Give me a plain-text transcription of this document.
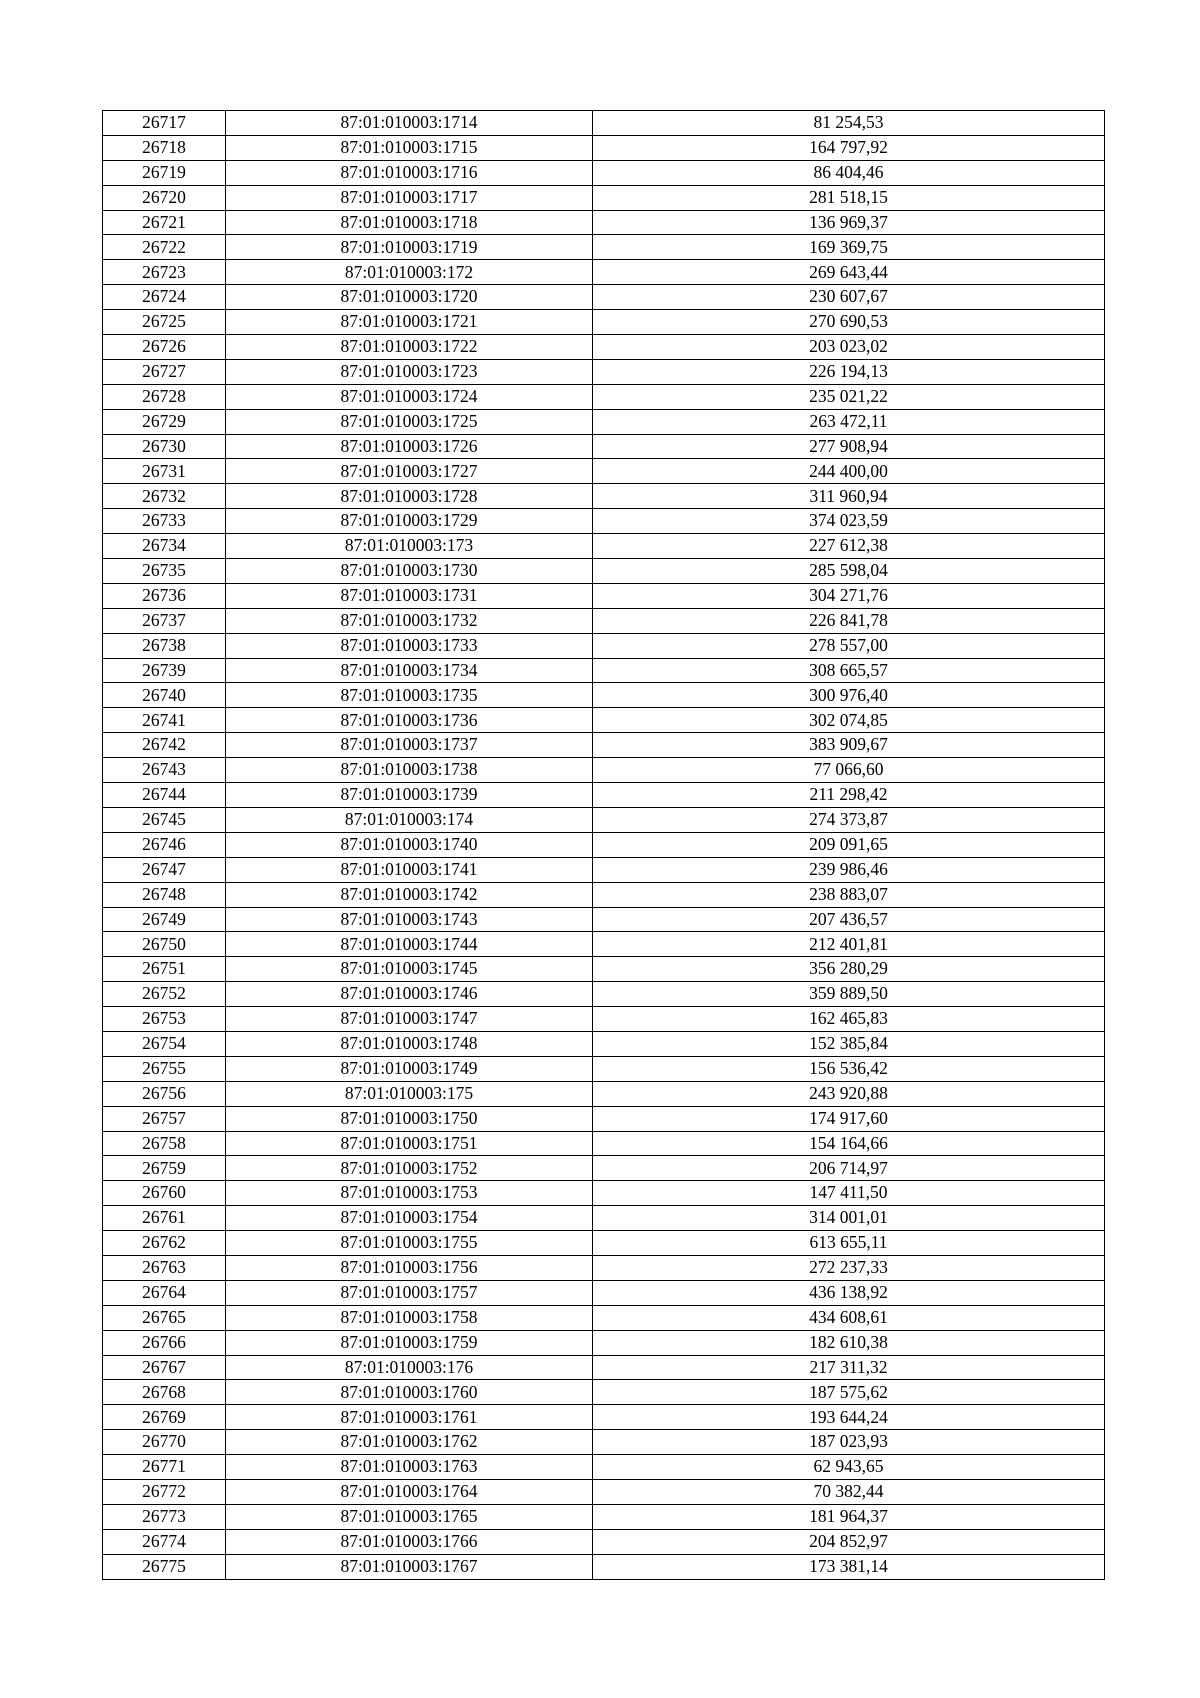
26717	87:01:010003:1714	81 254,53
26718	87:01:010003:1715	164 797,92
26719	87:01:010003:1716	86 404,46
26720	87:01:010003:1717	281 518,15
26721	87:01:010003:1718	136 969,37
26722	87:01:010003:1719	169 369,75
26723	87:01:010003:172	269 643,44
26724	87:01:010003:1720	230 607,67
26725	87:01:010003:1721	270 690,53
26726	87:01:010003:1722	203 023,02
26727	87:01:010003:1723	226 194,13
26728	87:01:010003:1724	235 021,22
26729	87:01:010003:1725	263 472,11
26730	87:01:010003:1726	277 908,94
26731	87:01:010003:1727	244 400,00
26732	87:01:010003:1728	311 960,94
26733	87:01:010003:1729	374 023,59
26734	87:01:010003:173	227 612,38
26735	87:01:010003:1730	285 598,04
26736	87:01:010003:1731	304 271,76
26737	87:01:010003:1732	226 841,78
26738	87:01:010003:1733	278 557,00
26739	87:01:010003:1734	308 665,57
26740	87:01:010003:1735	300 976,40
26741	87:01:010003:1736	302 074,85
26742	87:01:010003:1737	383 909,67
26743	87:01:010003:1738	77 066,60
26744	87:01:010003:1739	211 298,42
26745	87:01:010003:174	274 373,87
26746	87:01:010003:1740	209 091,65
26747	87:01:010003:1741	239 986,46
26748	87:01:010003:1742	238 883,07
26749	87:01:010003:1743	207 436,57
26750	87:01:010003:1744	212 401,81
26751	87:01:010003:1745	356 280,29
26752	87:01:010003:1746	359 889,50
26753	87:01:010003:1747	162 465,83
26754	87:01:010003:1748	152 385,84
26755	87:01:010003:1749	156 536,42
26756	87:01:010003:175	243 920,88
26757	87:01:010003:1750	174 917,60
26758	87:01:010003:1751	154 164,66
26759	87:01:010003:1752	206 714,97
26760	87:01:010003:1753	147 411,50
26761	87:01:010003:1754	314 001,01
26762	87:01:010003:1755	613 655,11
26763	87:01:010003:1756	272 237,33
26764	87:01:010003:1757	436 138,92
26765	87:01:010003:1758	434 608,61
26766	87:01:010003:1759	182 610,38
26767	87:01:010003:176	217 311,32
26768	87:01:010003:1760	187 575,62
26769	87:01:010003:1761	193 644,24
26770	87:01:010003:1762	187 023,93
26771	87:01:010003:1763	62 943,65
26772	87:01:010003:1764	70 382,44
26773	87:01:010003:1765	181 964,37
26774	87:01:010003:1766	204 852,97
26775	87:01:010003:1767	173 381,14
